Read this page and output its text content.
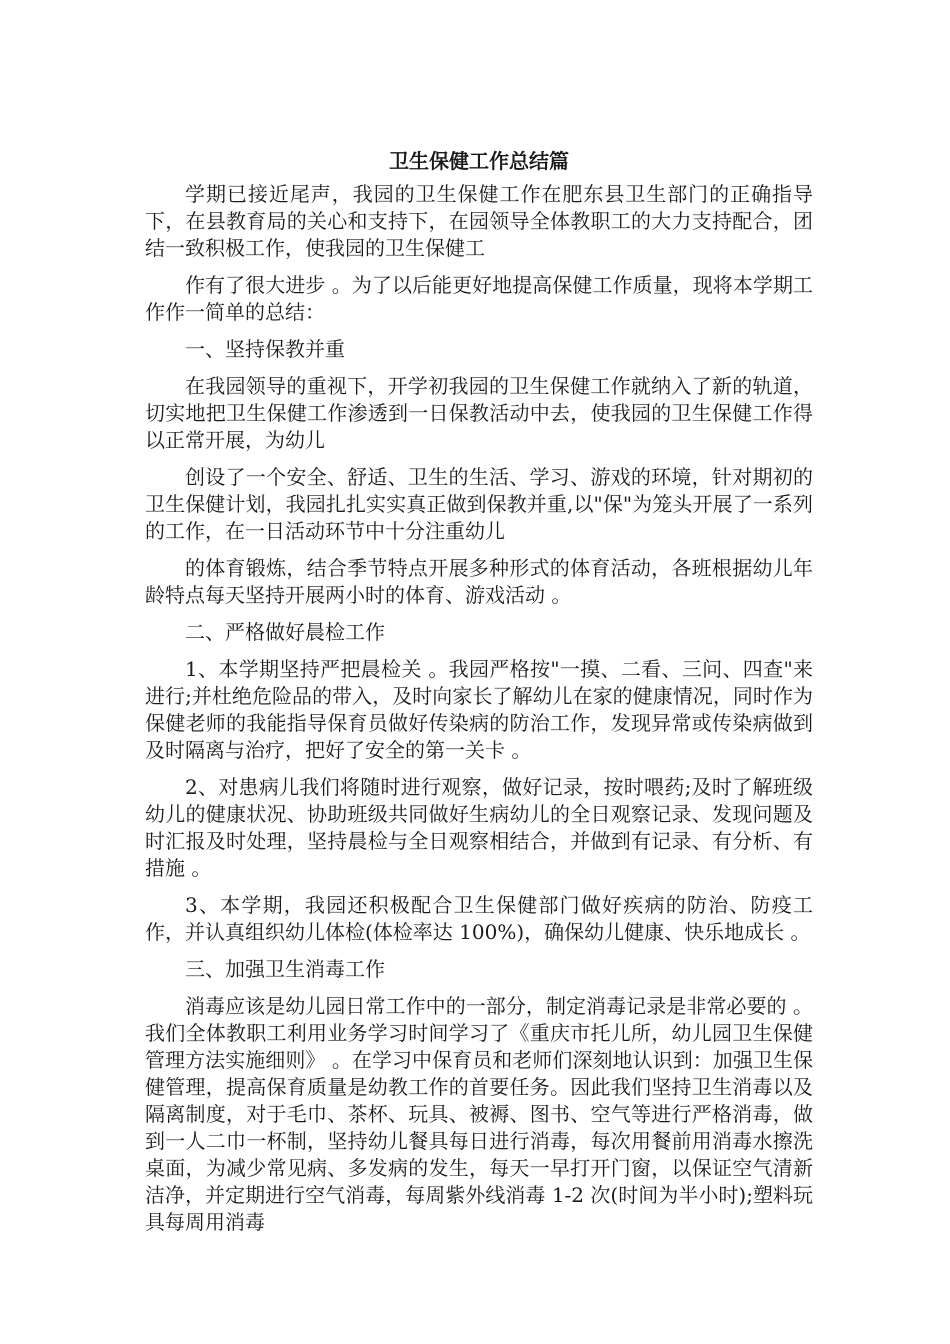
卫生保健工作总结篇
学期已接近尾声，我园的卫生保健工作在肥东县卫生部门的正确指导下，在县教育局的关心和支持下，在园领导全体教职工的大力支持配合，团结一致积极工作，使我园的卫生保健工
作有了很大进步 。为了以后能更好地提高保健工作质量，现将本学期工作作一简单的总结：
一、坚持保教并重
在我园领导的重视下，开学初我园的卫生保健工作就纳入了新的轨道，切实地把卫生保健工作渗透到一日保教活动中去，使我园的卫生保健工作得以正常开展，为幼儿
创设了一个安全、舒适、卫生的生活、学习、游戏的环境，针对期初的卫生保健计划，我园扎扎实实真正做到保教并重,以"保"为笼头开展了一系列的工作，在一日活动环节中十分注重幼儿
的体育锻炼，结合季节特点开展多种形式的体育活动，各班根据幼儿年龄特点每天坚持开展两小时的体育、游戏活动 。
二、严格做好晨检工作
1、本学期坚持严把晨检关 。我园严格按"一摸、二看、三问、四查"来进行;并杜绝危险品的带入，及时向家长了解幼儿在家的健康情况，同时作为保健老师的我能指导保育员做好传染病的防治工作，发现异常或传染病做到及时隔离与治疗，把好了安全的第一关卡 。
2、对患病儿我们将随时进行观察，做好记录，按时喂药;及时了解班级幼儿的健康状况、协助班级共同做好生病幼儿的全日观察记录、发现问题及时汇报及时处理，坚持晨检与全日观察相结合，并做到有记录、有分析、有措施 。
3、本学期，我园还积极配合卫生保健部门做好疾病的防治、防疫工作，并认真组织幼儿体检(体检率达 100%)，确保幼儿健康、快乐地成长 。
三、加强卫生消毒工作
消毒应该是幼儿园日常工作中的一部分，制定消毒记录是非常必要的 。我们全体教职工利用业务学习时间学习了《重庆市托儿所，幼儿园卫生保健管理方法实施细则》 。在学习中保育员和老师们深刻地认识到：加强卫生保健管理，提高保育质量是幼教工作的首要任务。因此我们坚持卫生消毒以及隔离制度，对于毛巾、茶杯、玩具、被褥、图书、空气等进行严格消毒，做到一人二巾一杯制，坚持幼儿餐具每日进行消毒，每次用餐前用消毒水擦洗桌面，为减少常见病、多发病的发生，每天一早打开门窗，以保证空气清新洁净，并定期进行空气消毒，每周紫外线消毒 1-2 次(时间为半小时);塑料玩具每周用消毒
